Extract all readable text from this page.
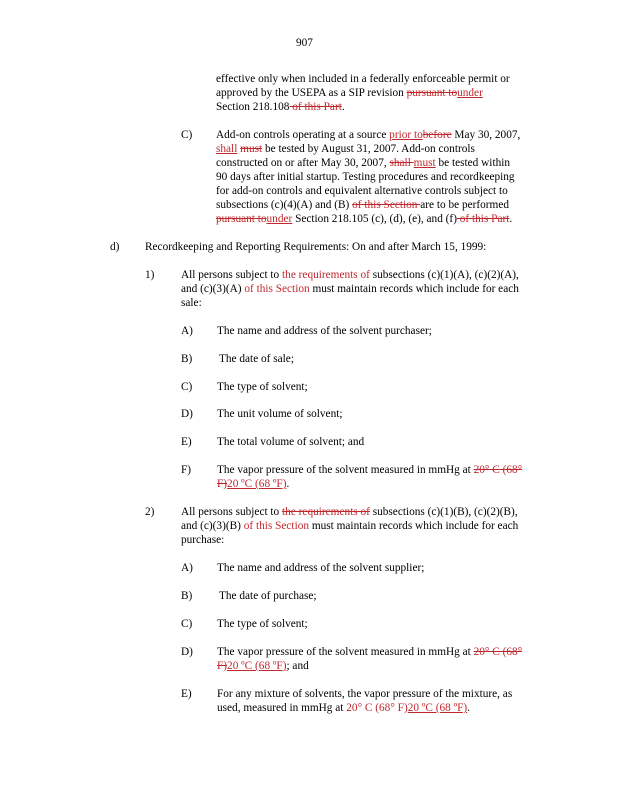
907
effective only when included in a federally enforceable permit or
approved by the USEPA as a SIP revision pursuant tounder
Section 218.108 of this Part.
C) Add-on controls operating at a source prior tobefore May 30, 2007,
shall must be tested by August 31, 2007. Add-on controls
constructed on or after May 30, 2007, shall must be tested within
90 days after initial startup. Testing procedures and recordkeeping
for add-on controls and equivalent alternative controls subject to
subsections (c)(4)(A) and (B) of this Section are to be performed
pursuant tounder Section 218.105 (c), (d), (e), and (f) of this Part.
d) Recordkeeping and Reporting Requirements: On and after March 15, 1999:
1) All persons subject to the requirements of subsections (c)(1)(A), (c)(2)(A),
and (c)(3)(A) of this Section must maintain records which include for each
sale:
A) The name and address of the solvent purchaser;
B) The date of sale;
C) The type of solvent;
D) The unit volume of solvent;
E) The total volume of solvent; and
F) The vapor pressure of the solvent measured in mmHg at 20° C (68°
F)20 ºC (68 ºF).
2) All persons subject to the requirements of subsections (c)(1)(B), (c)(2)(B),
and (c)(3)(B) of this Section must maintain records which include for each
purchase:
A) The name and address of the solvent supplier;
B) The date of purchase;
C) The type of solvent;
D) The vapor pressure of the solvent measured in mmHg at 20° C (68°
F)20 ºC (68 ºF); and
E) For any mixture of solvents, the vapor pressure of the mixture, as
used, measured in mmHg at 20° C (68° F)20 ºC (68 ºF).
